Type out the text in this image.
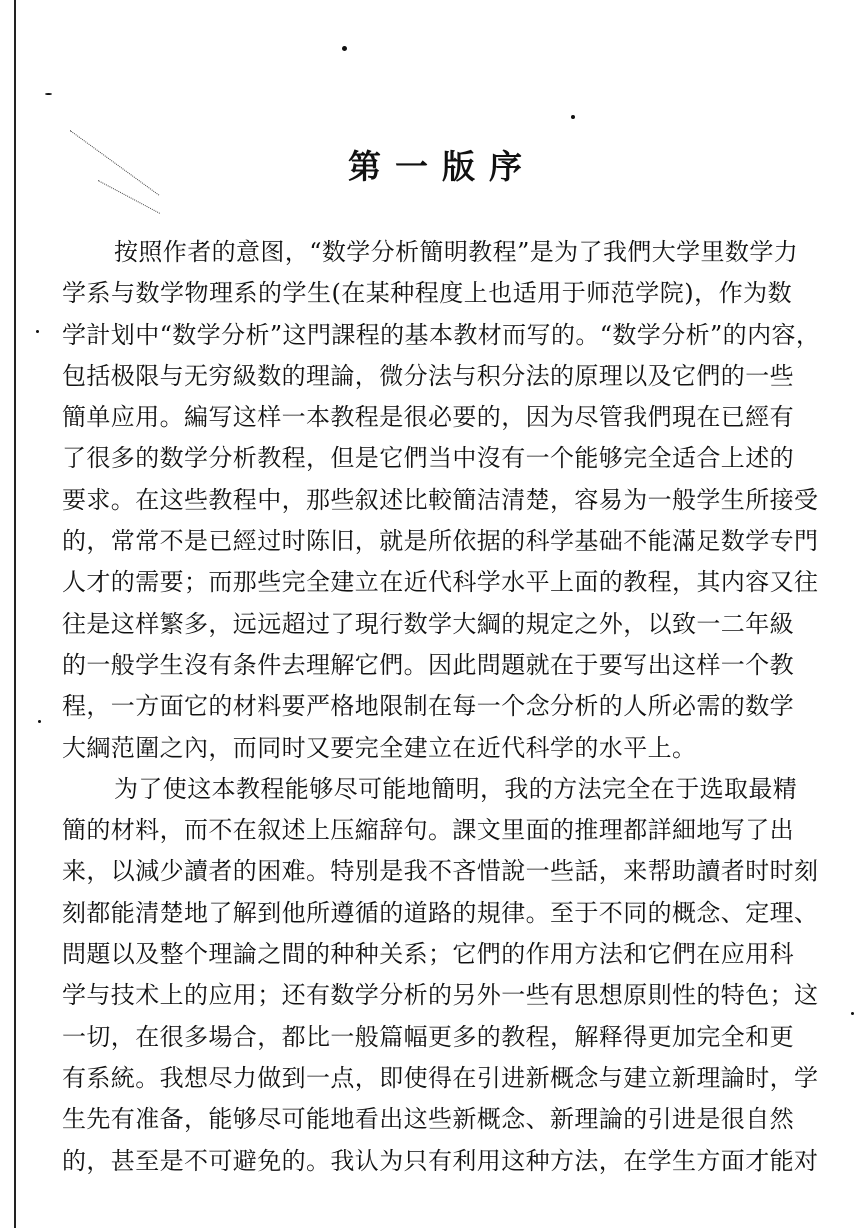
第一版序
按照作者的意图，“数学分析簡明教程”是为了我們大学里数学力
学系与数学物理系的学生(在某种程度上也适用于师范学院)，作为数
学計划中“数学分析”这門課程的基本教材而写的。“数学分析”的内容，
包括极限与无穷級数的理論，微分法与积分法的原理以及它們的一些
簡单应用。編写这样一本教程是很必要的，因为尽管我們現在已經有
了很多的数学分析教程，但是它們当中沒有一个能够完全适合上述的
要求。在这些教程中，那些叙述比較簡洁清楚，容易为一般学生所接受
的，常常不是已經过时陈旧，就是所依据的科学基础不能滿足数学专門
人才的需要；而那些完全建立在近代科学水平上面的教程，其内容又往
往是这样繁多，远远超过了現行数学大綱的規定之外，以致一二年級
的一般学生沒有条件去理解它們。因此問題就在于要写出这样一个教
程，一方面它的材料要严格地限制在每一个念分析的人所必需的数学
大綱范圍之內，而同时又要完全建立在近代科学的水平上。
为了使这本教程能够尽可能地簡明，我的方法完全在于选取最精
簡的材料，而不在叙述上压縮辞句。課文里面的推理都詳細地写了出
来，以減少讀者的困难。特別是我不吝惜說一些話，来帮助讀者时时刻
刻都能清楚地了解到他所遵循的道路的規律。至于不同的概念、定理、
問題以及整个理論之間的种种关系；它們的作用方法和它們在应用科
学与技术上的应用；还有数学分析的另外一些有思想原則性的特色；这
一切，在很多場合，都比一般篇幅更多的教程，解释得更加完全和更
有系統。我想尽力做到一点，即使得在引进新概念与建立新理論时，学
生先有准备，能够尽可能地看出这些新概念、新理論的引进是很自然
的，甚至是不可避免的。我认为只有利用这种方法，在学生方面才能对
